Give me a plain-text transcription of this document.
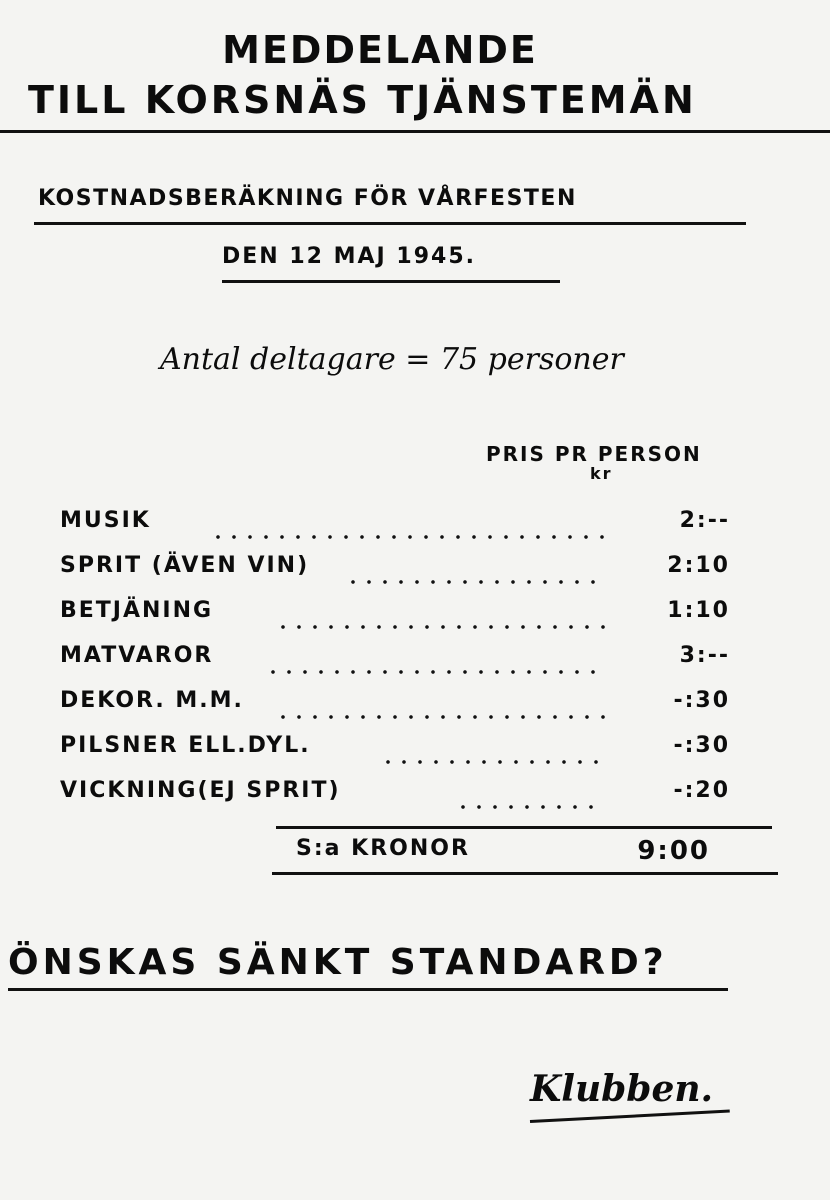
MEDDELANDE
TILL KORSNÄS TJÄNSTEMÄN
KOSTNADSBERÄKNING FÖR VÅRFESTEN
DEN 12 MAJ 1945.
Antal deltagare = 75 personer
PRIS PR PERSON
kr
MUSIK	2:--
SPRIT (ÄVEN VIN)	2:10
BETJÄNING	1:10
MATVAROR	3:--
DEKOR. M.M.	-:30
PILSNER ELL.DYL.	-:30
VICKNING(EJ SPRIT)	-:20
S:a KRONOR	9:00
ÖNSKAS SÄNKT STANDARD?
Klubben.
